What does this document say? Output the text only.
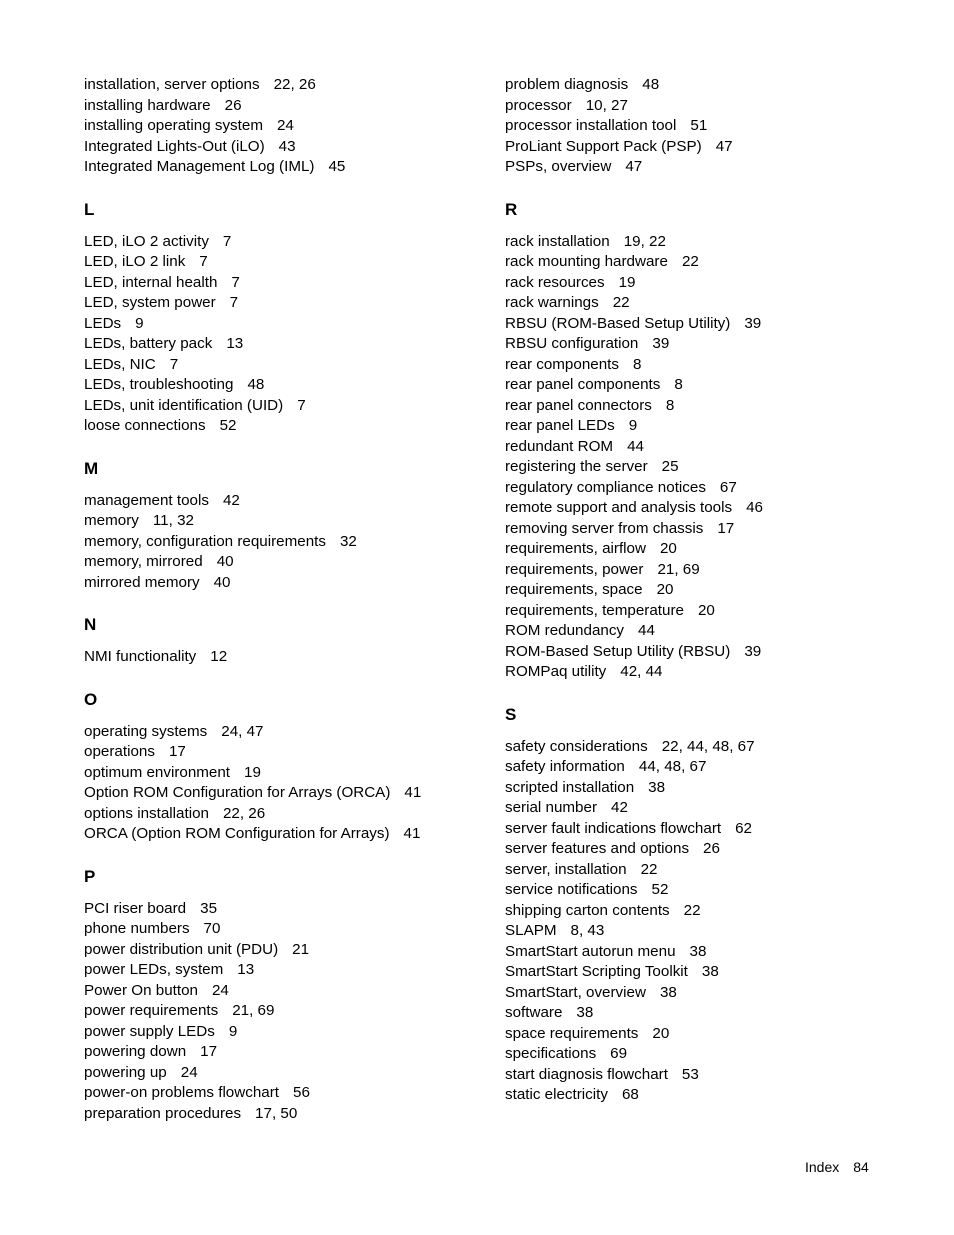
installation, server options 22, 26
installing hardware 26
installing operating system 24
Integrated Lights-Out (iLO) 43
Integrated Management Log (IML) 45
L
LED, iLO 2 activity 7
LED, iLO 2 link 7
LED, internal health 7
LED, system power 7
LEDs 9
LEDs, battery pack 13
LEDs, NIC 7
LEDs, troubleshooting 48
LEDs, unit identification (UID) 7
loose connections 52
M
management tools 42
memory 11, 32
memory, configuration requirements 32
memory, mirrored 40
mirrored memory 40
N
NMI functionality 12
O
operating systems 24, 47
operations 17
optimum environment 19
Option ROM Configuration for Arrays (ORCA) 41
options installation 22, 26
ORCA (Option ROM Configuration for Arrays) 41
P
PCI riser board 35
phone numbers 70
power distribution unit (PDU) 21
power LEDs, system 13
Power On button 24
power requirements 21, 69
power supply LEDs 9
powering down 17
powering up 24
power-on problems flowchart 56
preparation procedures 17, 50
problem diagnosis 48
processor 10, 27
processor installation tool 51
ProLiant Support Pack (PSP) 47
PSPs, overview 47
R
rack installation 19, 22
rack mounting hardware 22
rack resources 19
rack warnings 22
RBSU (ROM-Based Setup Utility) 39
RBSU configuration 39
rear components 8
rear panel components 8
rear panel connectors 8
rear panel LEDs 9
redundant ROM 44
registering the server 25
regulatory compliance notices 67
remote support and analysis tools 46
removing server from chassis 17
requirements, airflow 20
requirements, power 21, 69
requirements, space 20
requirements, temperature 20
ROM redundancy 44
ROM-Based Setup Utility (RBSU) 39
ROMPaq utility 42, 44
S
safety considerations 22, 44, 48, 67
safety information 44, 48, 67
scripted installation 38
serial number 42
server fault indications flowchart 62
server features and options 26
server, installation 22
service notifications 52
shipping carton contents 22
SLAPM 8, 43
SmartStart autorun menu 38
SmartStart Scripting Toolkit 38
SmartStart, overview 38
software 38
space requirements 20
specifications 69
start diagnosis flowchart 53
static electricity 68
Index 84
